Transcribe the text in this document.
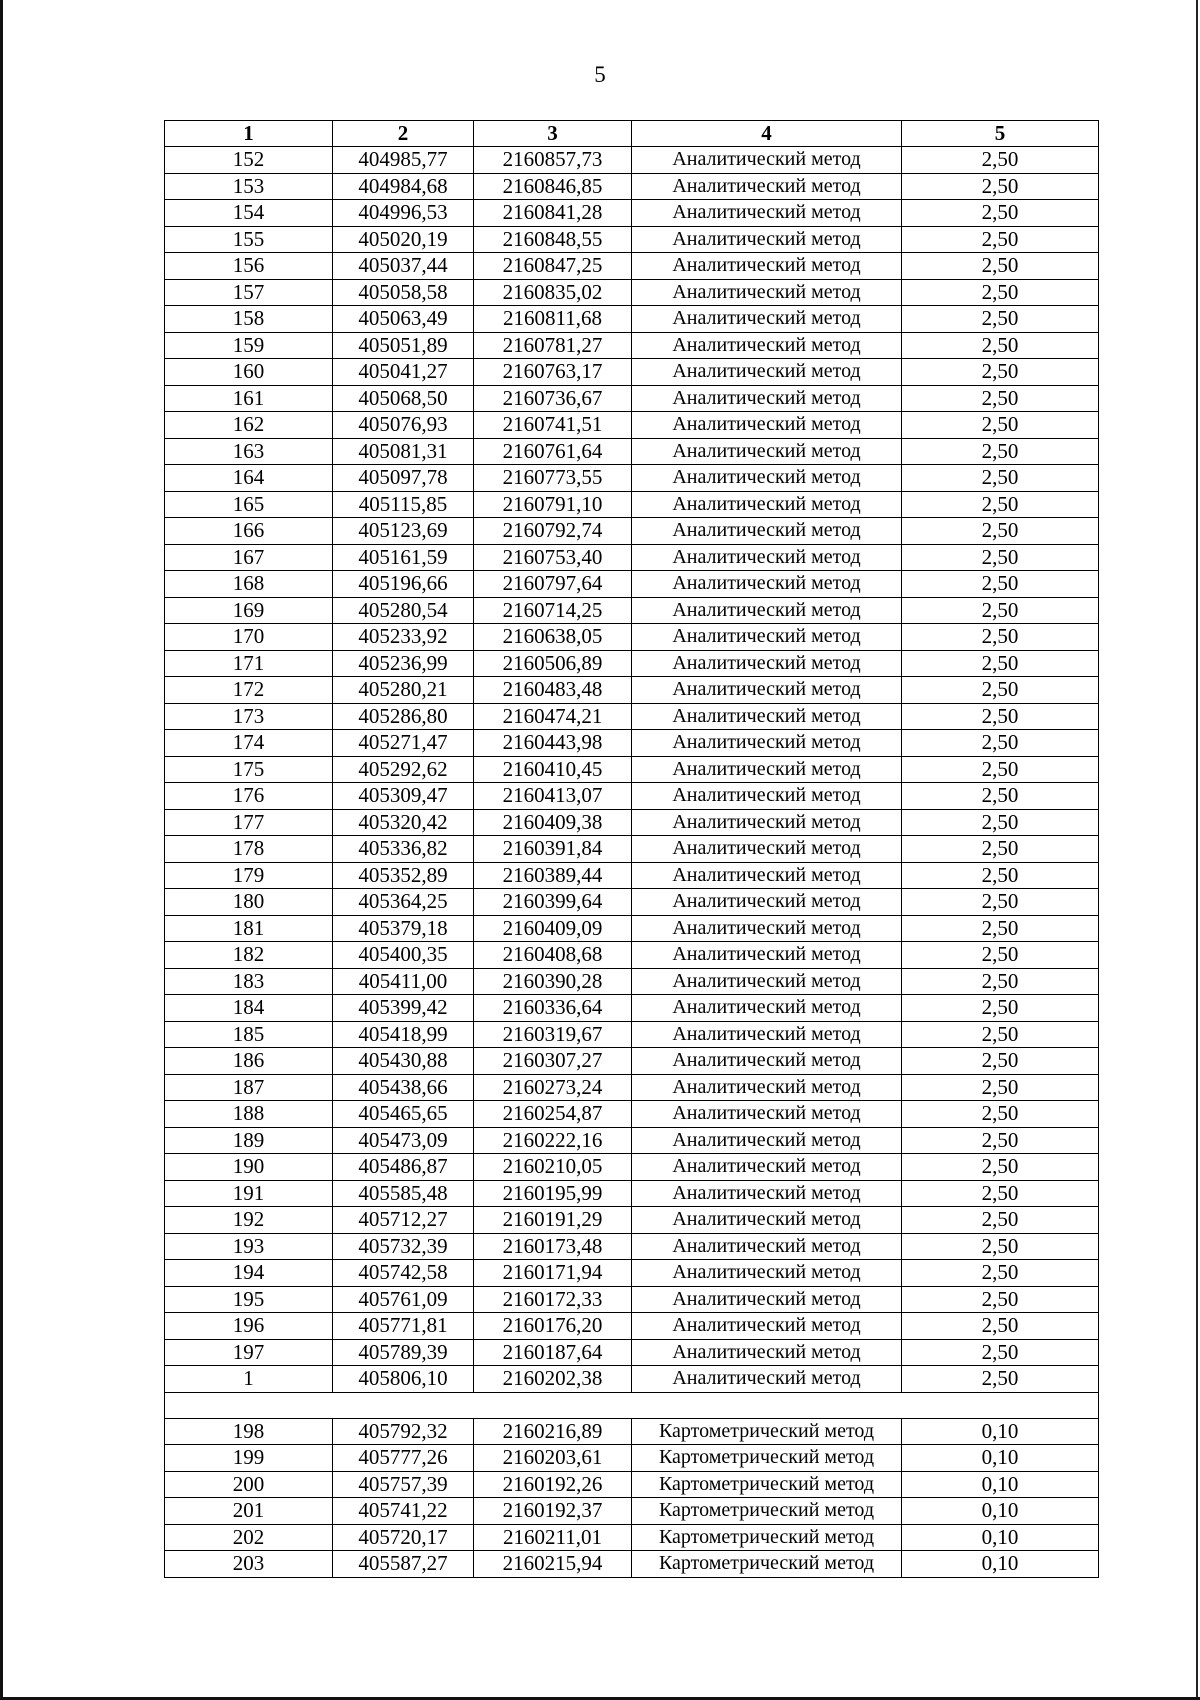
5
1	2	3	4	5
152	404985,77	2160857,73	Аналитический метод	2,50
153	404984,68	2160846,85	Аналитический метод	2,50
154	404996,53	2160841,28	Аналитический метод	2,50
155	405020,19	2160848,55	Аналитический метод	2,50
156	405037,44	2160847,25	Аналитический метод	2,50
157	405058,58	2160835,02	Аналитический метод	2,50
158	405063,49	2160811,68	Аналитический метод	2,50
159	405051,89	2160781,27	Аналитический метод	2,50
160	405041,27	2160763,17	Аналитический метод	2,50
161	405068,50	2160736,67	Аналитический метод	2,50
162	405076,93	2160741,51	Аналитический метод	2,50
163	405081,31	2160761,64	Аналитический метод	2,50
164	405097,78	2160773,55	Аналитический метод	2,50
165	405115,85	2160791,10	Аналитический метод	2,50
166	405123,69	2160792,74	Аналитический метод	2,50
167	405161,59	2160753,40	Аналитический метод	2,50
168	405196,66	2160797,64	Аналитический метод	2,50
169	405280,54	2160714,25	Аналитический метод	2,50
170	405233,92	2160638,05	Аналитический метод	2,50
171	405236,99	2160506,89	Аналитический метод	2,50
172	405280,21	2160483,48	Аналитический метод	2,50
173	405286,80	2160474,21	Аналитический метод	2,50
174	405271,47	2160443,98	Аналитический метод	2,50
175	405292,62	2160410,45	Аналитический метод	2,50
176	405309,47	2160413,07	Аналитический метод	2,50
177	405320,42	2160409,38	Аналитический метод	2,50
178	405336,82	2160391,84	Аналитический метод	2,50
179	405352,89	2160389,44	Аналитический метод	2,50
180	405364,25	2160399,64	Аналитический метод	2,50
181	405379,18	2160409,09	Аналитический метод	2,50
182	405400,35	2160408,68	Аналитический метод	2,50
183	405411,00	2160390,28	Аналитический метод	2,50
184	405399,42	2160336,64	Аналитический метод	2,50
185	405418,99	2160319,67	Аналитический метод	2,50
186	405430,88	2160307,27	Аналитический метод	2,50
187	405438,66	2160273,24	Аналитический метод	2,50
188	405465,65	2160254,87	Аналитический метод	2,50
189	405473,09	2160222,16	Аналитический метод	2,50
190	405486,87	2160210,05	Аналитический метод	2,50
191	405585,48	2160195,99	Аналитический метод	2,50
192	405712,27	2160191,29	Аналитический метод	2,50
193	405732,39	2160173,48	Аналитический метод	2,50
194	405742,58	2160171,94	Аналитический метод	2,50
195	405761,09	2160172,33	Аналитический метод	2,50
196	405771,81	2160176,20	Аналитический метод	2,50
197	405789,39	2160187,64	Аналитический метод	2,50
1	405806,10	2160202,38	Аналитический метод	2,50

198	405792,32	2160216,89	Картометрический метод	0,10
199	405777,26	2160203,61	Картометрический метод	0,10
200	405757,39	2160192,26	Картометрический метод	0,10
201	405741,22	2160192,37	Картометрический метод	0,10
202	405720,17	2160211,01	Картометрический метод	0,10
203	405587,27	2160215,94	Картометрический метод	0,10
